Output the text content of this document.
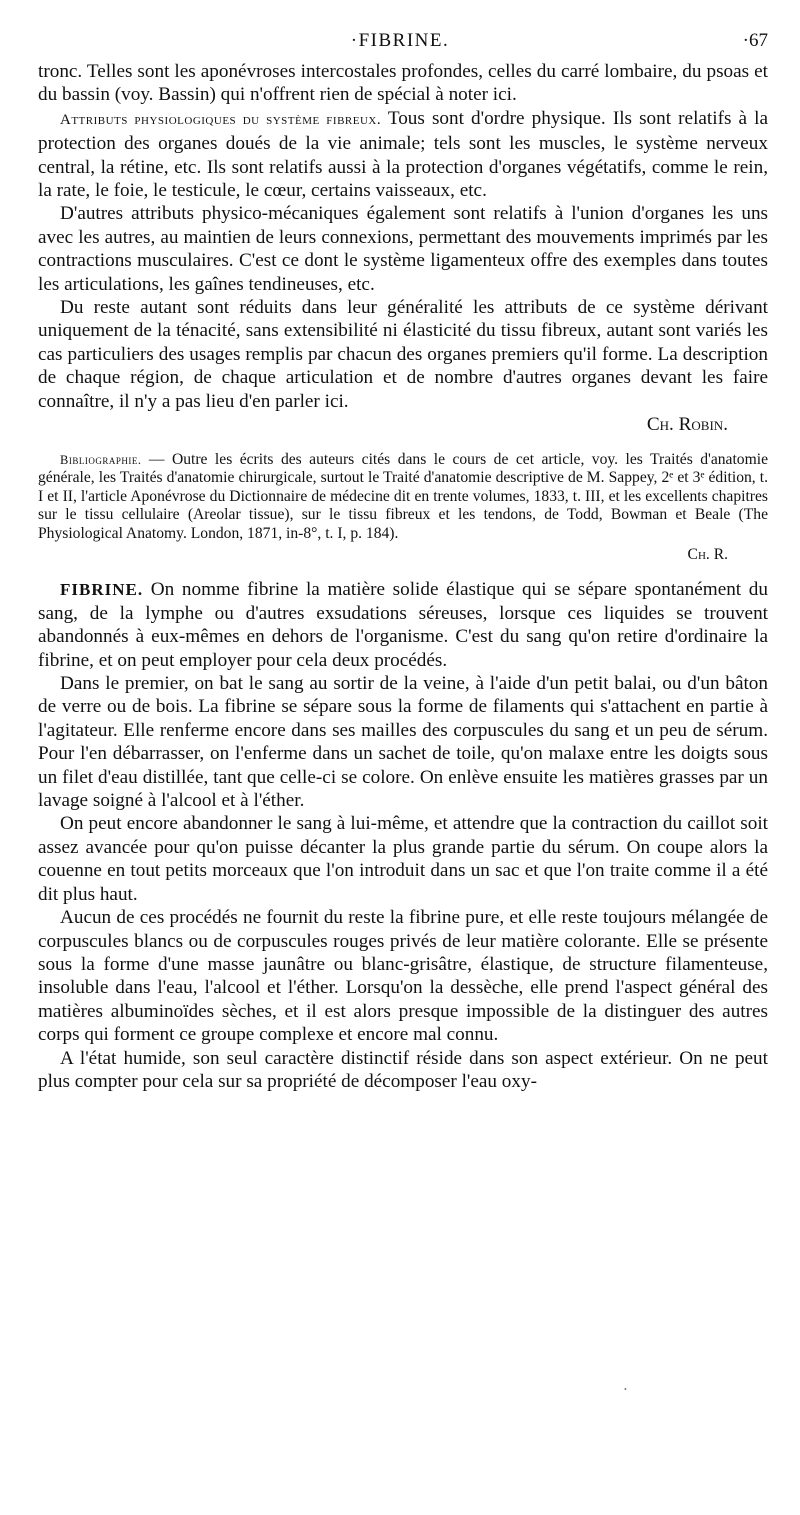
·FIBRINE.	·67

tronc. Telles sont les aponévroses intercostales profondes, celles du carré lombaire, du psoas et du bassin (voy. Bassin) qui n'offrent rien de spécial à noter ici.

Attributs physiologiques du système fibreux. Tous sont d'ordre physique. Ils sont relatifs à la protection des organes doués de la vie animale; tels sont les muscles, le système nerveux central, la rétine, etc. Ils sont relatifs aussi à la protection d'organes végétatifs, comme le rein, la rate, le foie, le testicule, le cœur, certains vaisseaux, etc.

D'autres attributs physico-mécaniques également sont relatifs à l'union d'organes les uns avec les autres, au maintien de leurs connexions, permettant des mouvements imprimés par les contractions musculaires. C'est ce dont le système ligamenteux offre des exemples dans toutes les articulations, les gaînes tendineuses, etc.

Du reste autant sont réduits dans leur généralité les attributs de ce système dérivant uniquement de la ténacité, sans extensibilité ni élasticité du tissu fibreux, autant sont variés les cas particuliers des usages remplis par chacun des organes premiers qu'il forme. La description de chaque région, de chaque articulation et de nombre d'autres organes devant les faire connaître, il n'y a pas lieu d'en parler ici.

Ch. Robin.

Bibliographie. — Outre les écrits des auteurs cités dans le cours de cet article, voy. les Traités d'anatomie générale, les Traités d'anatomie chirurgicale, surtout le Traité d'anatomie descriptive de M. Sappey, 2ᵉ et 3ᵉ édition, t. I et II, l'article Aponévrose du Dictionnaire de médecine dit en trente volumes, 1833, t. III, et les excellents chapitres sur le tissu cellulaire (Areolar tissue), sur le tissu fibreux et les tendons, de Todd, Bowman et Beale (The Physiological Anatomy. London, 1871, in-8°, t. I, p. 184).

Ch. R.

FIBRINE. On nomme fibrine la matière solide élastique qui se sépare spontanément du sang, de la lymphe ou d'autres exsudations séreuses, lorsque ces liquides se trouvent abandonnés à eux-mêmes en dehors de l'organisme. C'est du sang qu'on retire d'ordinaire la fibrine, et on peut employer pour cela deux procédés.

Dans le premier, on bat le sang au sortir de la veine, à l'aide d'un petit balai, ou d'un bâton de verre ou de bois. La fibrine se sépare sous la forme de filaments qui s'attachent en partie à l'agitateur. Elle renferme encore dans ses mailles des corpuscules du sang et un peu de sérum. Pour l'en débarrasser, on l'enferme dans un sachet de toile, qu'on malaxe entre les doigts sous un filet d'eau distillée, tant que celle-ci se colore. On enlève ensuite les matières grasses par un lavage soigné à l'alcool et à l'éther.

On peut encore abandonner le sang à lui-même, et attendre que la contraction du caillot soit assez avancée pour qu'on puisse décanter la plus grande partie du sérum. On coupe alors la couenne en tout petits morceaux que l'on introduit dans un sac et que l'on traite comme il a été dit plus haut.

Aucun de ces procédés ne fournit du reste la fibrine pure, et elle reste toujours mélangée de corpuscules blancs ou de corpuscules rouges privés de leur matière colorante. Elle se présente sous la forme d'une masse jaunâtre ou blanc-grisâtre, élastique, de structure filamenteuse, insoluble dans l'eau, l'alcool et l'éther. Lorsqu'on la dessèche, elle prend l'aspect général des matières albuminoïdes sèches, et il est alors presque impossible de la distinguer des autres corps qui forment ce groupe complexe et encore mal connu.

A l'état humide, son seul caractère distinctif réside dans son aspect extérieur. On ne peut plus compter pour cela sur sa propriété de décomposer l'eau oxy-

•
